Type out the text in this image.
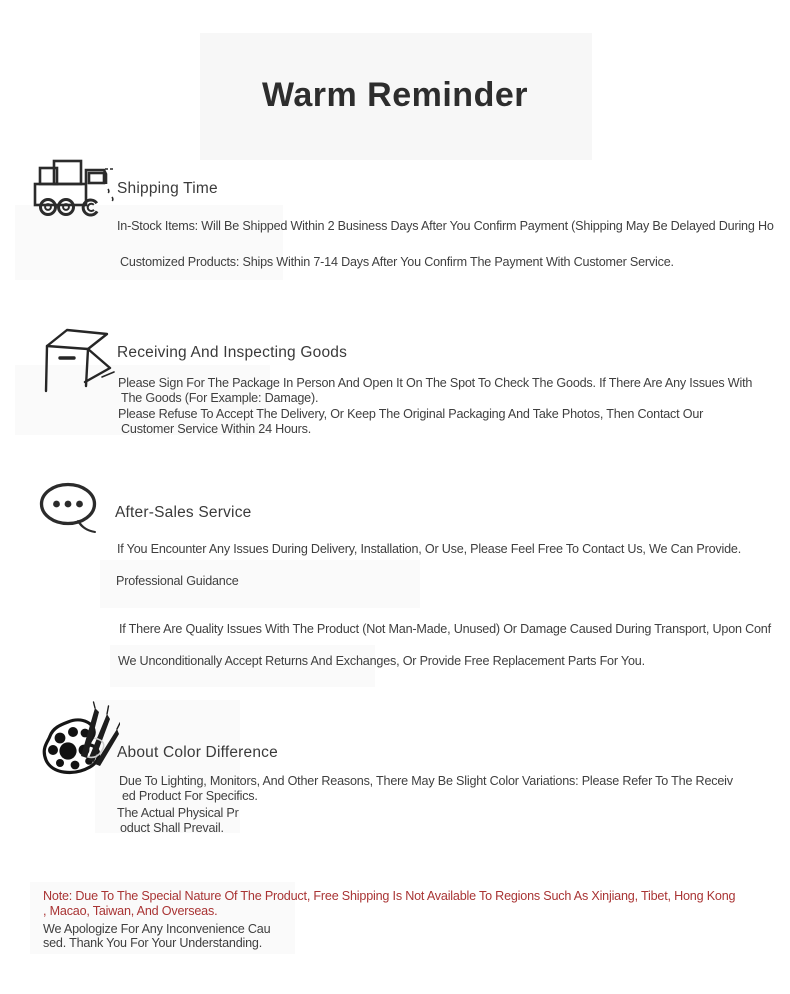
Warm Reminder
Shipping Time
In-Stock Items: Will Be Shipped Within 2 Business Days After You Confirm Payment (Shipping May Be Delayed During Ho
Customized Products: Ships Within 7-14 Days After You Confirm The Payment With Customer Service.
Receiving And Inspecting Goods
Please Sign For The Package In Person And Open It On The Spot To Check The Goods. If There Are Any Issues With
The Goods (For Example: Damage).
Please Refuse To Accept The Delivery, Or Keep The Original Packaging And Take Photos, Then Contact Our
Customer Service Within 24 Hours.
After-Sales Service
If You Encounter Any Issues During Delivery, Installation, Or Use, Please Feel Free To Contact Us, We Can Provide.
Professional Guidance
If There Are Quality Issues With The Product (Not Man-Made, Unused) Or Damage Caused During Transport, Upon Conf
We Unconditionally Accept Returns And Exchanges, Or Provide Free Replacement Parts For You.
About Color Difference
Due To Lighting, Monitors, And Other Reasons, There May Be Slight Color Variations: Please Refer To The Receiv
ed Product For Specifics.
The Actual Physical Pr
oduct Shall Prevail.
Note: Due To The Special Nature Of The Product, Free Shipping Is Not Available To Regions Such As Xinjiang, Tibet, Hong Kong
, Macao, Taiwan, And Overseas.
We Apologize For Any Inconvenience Cau
sed. Thank You For Your Understanding.
